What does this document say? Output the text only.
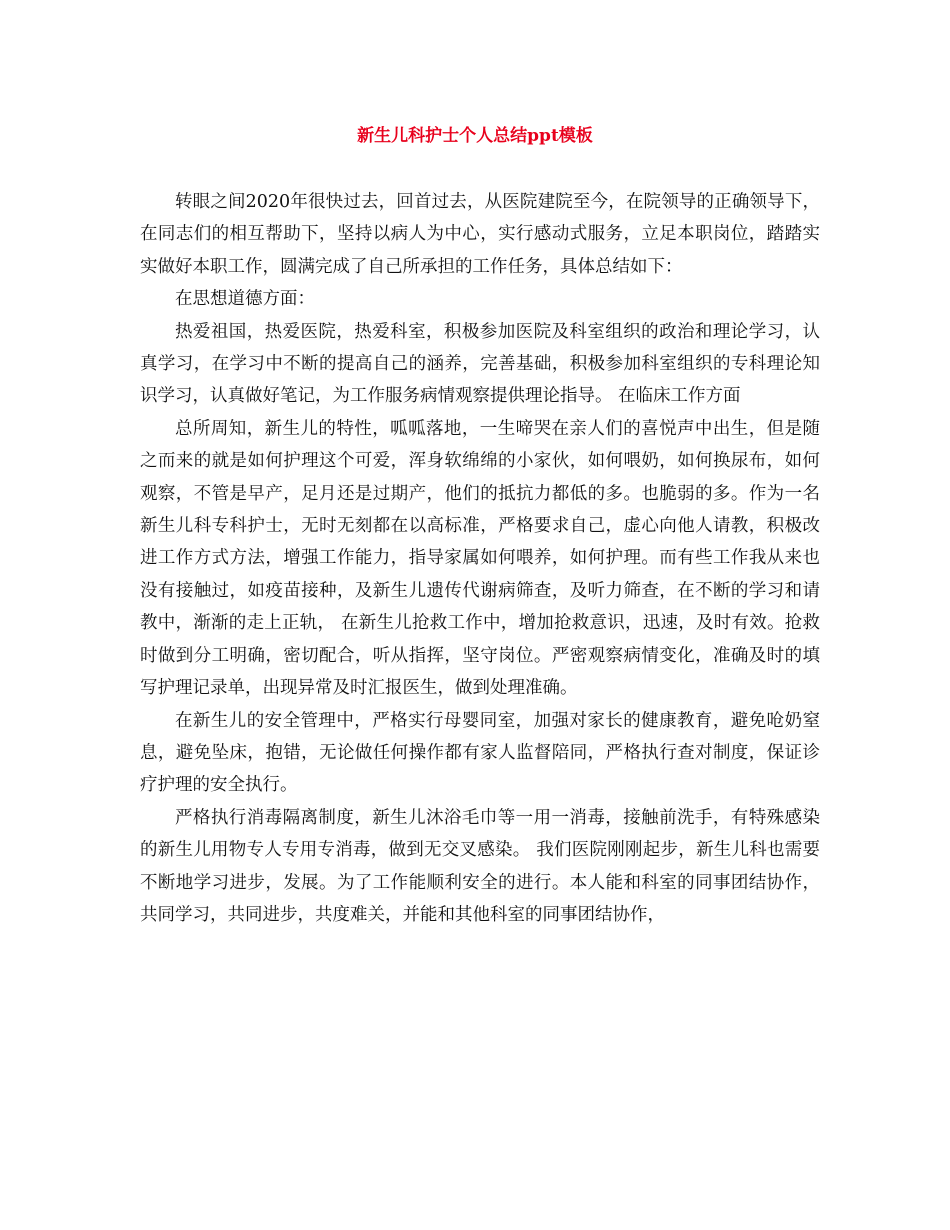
新生儿科护士个人总结ppt模板

转眼之间2020年很快过去，回首过去，从医院建院至今，在院领导的正确领导下，在同志们的相互帮助下，坚持以病人为中心，实行感动式服务，立足本职岗位，踏踏实实做好本职工作，圆满完成了自己所承担的工作任务，具体总结如下：

在思想道德方面：

热爱祖国，热爱医院，热爱科室，积极参加医院及科室组织的政治和理论学习，认真学习，在学习中不断的提高自己的涵养，完善基础，积极参加科室组织的专科理论知识学习，认真做好笔记，为工作服务病情观察提供理论指导。 在临床工作方面

总所周知，新生儿的特性，呱呱落地，一生啼哭在亲人们的喜悦声中出生，但是随之而来的就是如何护理这个可爱，浑身软绵绵的小家伙，如何喂奶，如何换尿布，如何观察，不管是早产，足月还是过期产，他们的抵抗力都低的多。也脆弱的多。作为一名新生儿科专科护士，无时无刻都在以高标准，严格要求自己，虚心向他人请教，积极改进工作方式方法，增强工作能力，指导家属如何喂养，如何护理。而有些工作我从来也没有接触过，如疫苗接种，及新生儿遗传代谢病筛查，及听力筛查，在不断的学习和请教中，渐渐的走上正轨， 在新生儿抢救工作中，增加抢救意识，迅速，及时有效。抢救时做到分工明确，密切配合，听从指挥，坚守岗位。严密观察病情变化，准确及时的填写护理记录单，出现异常及时汇报医生，做到处理准确。

在新生儿的安全管理中，严格实行母婴同室，加强对家长的健康教育，避免呛奶窒息，避免坠床，抱错，无论做任何操作都有家人监督陪同，严格执行查对制度，保证诊疗护理的安全执行。

严格执行消毒隔离制度，新生儿沐浴毛巾等一用一消毒，接触前洗手，有特殊感染的新生儿用物专人专用专消毒，做到无交叉感染。 我们医院刚刚起步，新生儿科也需要不断地学习进步，发展。为了工作能顺利安全的进行。本人能和科室的同事团结协作，共同学习，共同进步，共度难关，并能和其他科室的同事团结协作，
